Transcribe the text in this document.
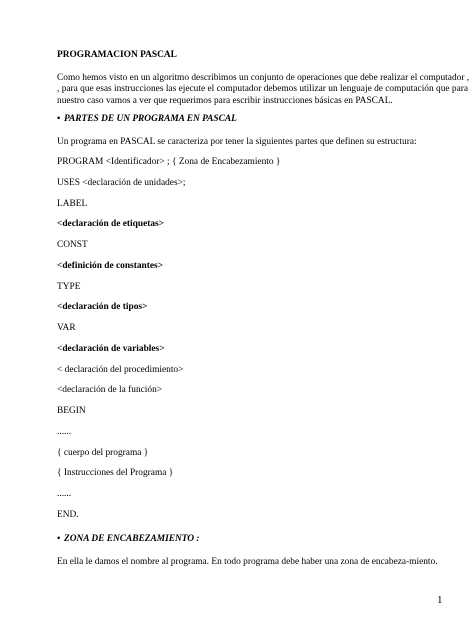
PROGRAMACION PASCAL
Como hemos visto en un algoritmo describimos un conjunto de operaciones que debe realizar el computador ,
, para que esas instrucciones las ejecute el computador debemos utilizar un lenguaje de computación que para
nuestro caso vamos a ver que requerimos para escribir instrucciones básicas en PASCAL.
• PARTES DE UN PROGRAMA EN PASCAL
Un programa en PASCAL se caracteriza por tener la siguientes partes que definen su estructura:
PROGRAM <Identificador> ; { Zona de Encabezamiento }
USES <declaración de unidades>;
LABEL
<declaración de etiquetas>
CONST
<definición de constantes>
TYPE
<declaración de tipos>
VAR
<declaración de variables>
< declaración del procedimiento>
<declaración de la función>
BEGIN
......
{ cuerpo del programa }
{ Instrucciones del Programa }
......
END.
• ZONA DE ENCABEZAMIENTO :
En ella le damos el nombre al programa. En todo programa debe haber una zona de encabeza-miento.
1
